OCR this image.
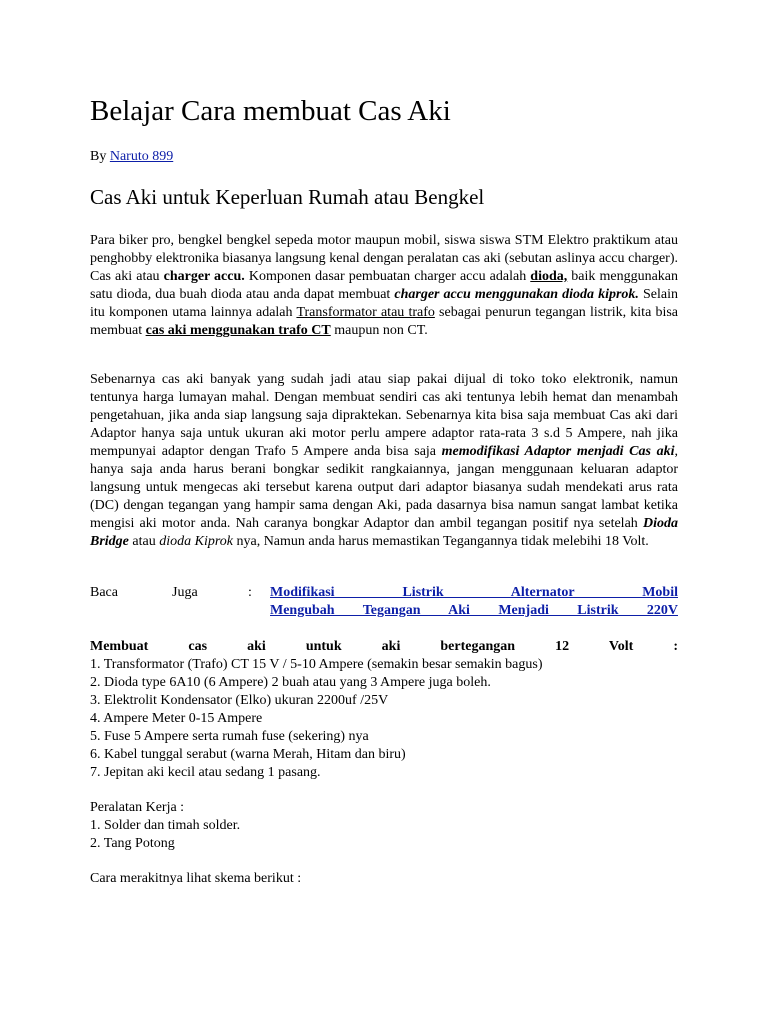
Belajar Cara membuat Cas Aki
By Naruto 899
Cas Aki untuk Keperluan Rumah atau Bengkel
Para biker pro, bengkel bengkel sepeda motor maupun mobil, siswa siswa STM Elektro praktikum atau penghobby elektronika biasanya langsung kenal dengan peralatan cas aki (sebutan aslinya accu charger). Cas aki atau charger accu. Komponen dasar pembuatan charger accu adalah dioda, baik menggunakan satu dioda, dua buah dioda atau anda dapat membuat charger accu menggunakan dioda kiprok. Selain itu komponen utama lainnya adalah Transformator atau trafo sebagai penurun tegangan listrik, kita bisa membuat cas aki menggunakan trafo CT maupun non CT.
Sebenarnya cas aki banyak yang sudah jadi atau siap pakai dijual di toko toko elektronik, namun tentunya harga lumayan mahal. Dengan membuat sendiri cas aki tentunya lebih hemat dan menambah pengetahuan, jika anda siap langsung saja dipraktekan. Sebenarnya kita bisa saja membuat Cas aki dari Adaptor hanya saja untuk ukuran aki motor perlu ampere adaptor rata-rata 3 s.d 5 Ampere, nah jika mempunyai adaptor dengan Trafo 5 Ampere anda bisa saja memodifikasi Adaptor menjadi Cas aki, hanya saja anda harus berani bongkar sedikit rangkaiannya, jangan menggunaan keluaran adaptor langsung untuk mengecas aki tersebut karena output dari adaptor biasanya sudah mendekati arus rata (DC) dengan tegangan yang hampir sama dengan Aki, pada dasarnya bisa namun sangat lambat ketika mengisi aki motor anda. Nah caranya bongkar Adaptor dan ambil tegangan positif nya setelah Dioda Bridge atau dioda Kiprok nya, Namun anda harus memastikan Tegangannya tidak melebihi 18 Volt.
Baca	Juga	: Modifikasi Listrik Alternator Mobil
Mengubah Tegangan Aki Menjadi Listrik 220V
Membuat cas aki untuk aki bertegangan 12 Volt :
1. Transformator (Trafo) CT 15 V / 5-10 Ampere (semakin besar semakin bagus)
2. Dioda type 6A10 (6 Ampere) 2 buah atau yang 3 Ampere juga boleh.
3. Elektrolit Kondensator (Elko) ukuran 2200uf /25V
4. Ampere Meter 0-15 Ampere
5. Fuse 5 Ampere serta rumah fuse (sekering) nya
6. Kabel tunggal serabut (warna Merah, Hitam dan biru)
7. Jepitan aki kecil atau sedang 1 pasang.
Peralatan Kerja :
1. Solder dan timah solder.
2. Tang Potong
Cara merakitnya lihat skema berikut :
